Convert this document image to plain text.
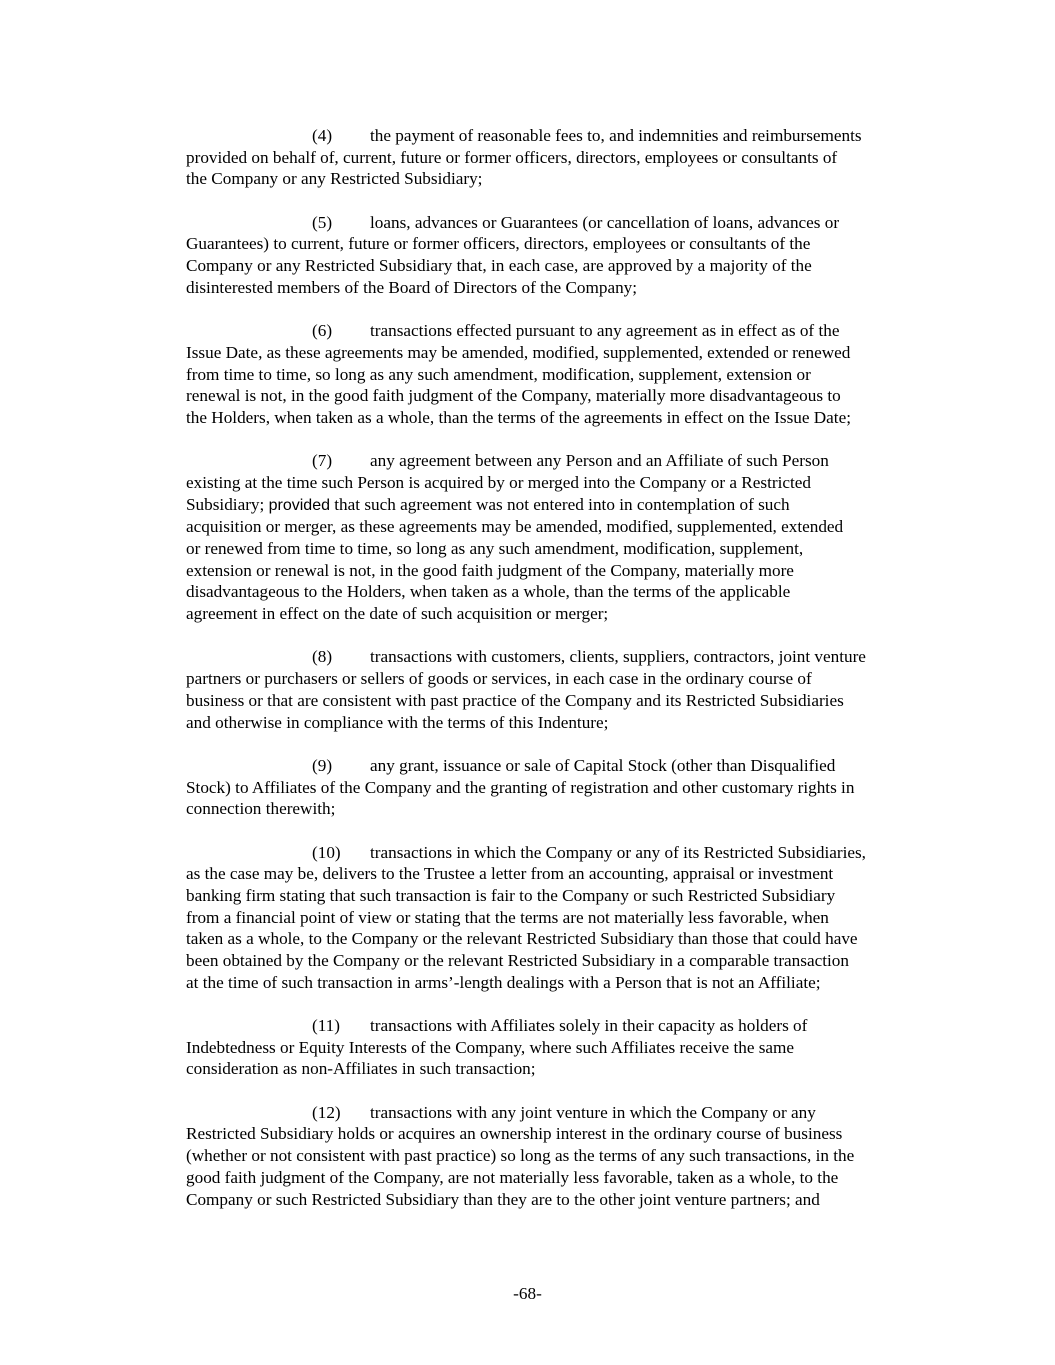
(4) the payment of reasonable fees to, and indemnities and reimbursements
provided on behalf of, current, future or former officers, directors, employees or consultants of
the Company or any Restricted Subsidiary;

(5) loans, advances or Guarantees (or cancellation of loans, advances or
Guarantees) to current, future or former officers, directors, employees or consultants of the
Company or any Restricted Subsidiary that, in each case, are approved by a majority of the
disinterested members of the Board of Directors of the Company;

(6) transactions effected pursuant to any agreement as in effect as of the
Issue Date, as these agreements may be amended, modified, supplemented, extended or renewed
from time to time, so long as any such amendment, modification, supplement, extension or
renewal is not, in the good faith judgment of the Company, materially more disadvantageous to
the Holders, when taken as a whole, than the terms of the agreements in effect on the Issue Date;

(7) any agreement between any Person and an Affiliate of such Person
existing at the time such Person is acquired by or merged into the Company or a Restricted
Subsidiary; provided that such agreement was not entered into in contemplation of such
acquisition or merger, as these agreements may be amended, modified, supplemented, extended
or renewed from time to time, so long as any such amendment, modification, supplement,
extension or renewal is not, in the good faith judgment of the Company, materially more
disadvantageous to the Holders, when taken as a whole, than the terms of the applicable
agreement in effect on the date of such acquisition or merger;

(8) transactions with customers, clients, suppliers, contractors, joint venture
partners or purchasers or sellers of goods or services, in each case in the ordinary course of
business or that are consistent with past practice of the Company and its Restricted Subsidiaries
and otherwise in compliance with the terms of this Indenture;

(9) any grant, issuance or sale of Capital Stock (other than Disqualified
Stock) to Affiliates of the Company and the granting of registration and other customary rights in
connection therewith;

(10) transactions in which the Company or any of its Restricted Subsidiaries,
as the case may be, delivers to the Trustee a letter from an accounting, appraisal or investment
banking firm stating that such transaction is fair to the Company or such Restricted Subsidiary
from a financial point of view or stating that the terms are not materially less favorable, when
taken as a whole, to the Company or the relevant Restricted Subsidiary than those that could have
been obtained by the Company or the relevant Restricted Subsidiary in a comparable transaction
at the time of such transaction in arms’-length dealings with a Person that is not an Affiliate;

(11) transactions with Affiliates solely in their capacity as holders of
Indebtedness or Equity Interests of the Company, where such Affiliates receive the same
consideration as non-Affiliates in such transaction;

(12) transactions with any joint venture in which the Company or any
Restricted Subsidiary holds or acquires an ownership interest in the ordinary course of business
(whether or not consistent with past practice) so long as the terms of any such transactions, in the
good faith judgment of the Company, are not materially less favorable, taken as a whole, to the
Company or such Restricted Subsidiary than they are to the other joint venture partners; and

-68-
